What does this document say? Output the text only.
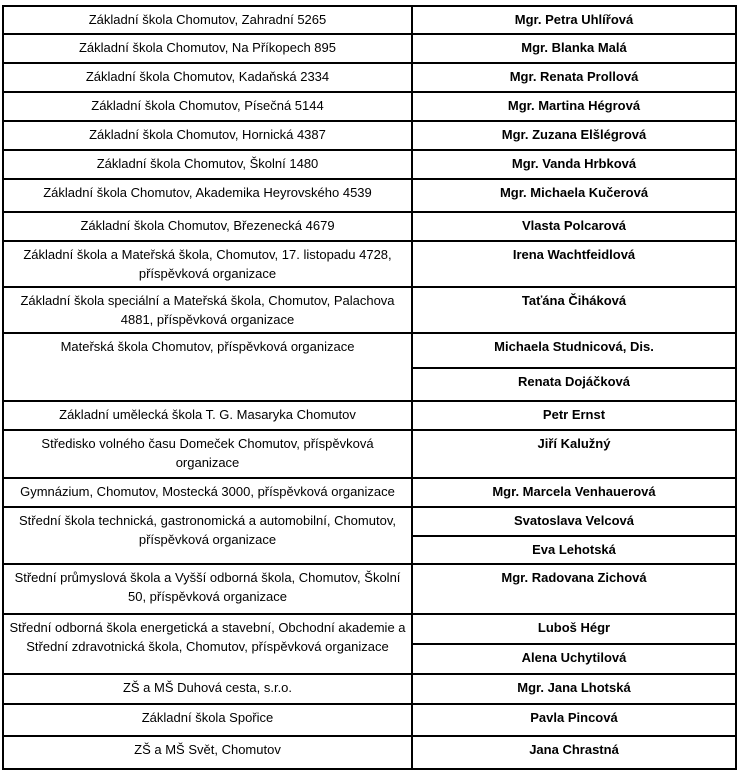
Základní škola Chomutov, Zahradní 5265	Mgr. Petra Uhlířová
Základní škola Chomutov, Na Příkopech 895	Mgr. Blanka Malá
Základní škola Chomutov, Kadaňská 2334	Mgr. Renata Prollová
Základní škola Chomutov, Písečná 5144	Mgr. Martina Hégrová
Základní škola Chomutov, Hornická 4387	Mgr. Zuzana Elšlégrová
Základní škola Chomutov, Školní 1480	Mgr. Vanda Hrbková
Základní škola Chomutov, Akademika Heyrovského 4539	Mgr. Michaela Kučerová
Základní škola Chomutov, Březenecká 4679	Vlasta Polcarová
Základní škola a Mateřská škola, Chomutov, 17. listopadu 4728, příspěvková organizace	Irena Wachtfeidlová
Základní škola speciální a Mateřská škola, Chomutov, Palachova 4881, příspěvková organizace	Taťána Čiháková
Mateřská škola Chomutov, příspěvková organizace	Michaela Studnicová, Dis.
	Renata Dojáčková
Základní umělecká škola T. G. Masaryka Chomutov	Petr Ernst
Středisko volného času Domeček Chomutov, příspěvková organizace	Jiří Kalužný
Gymnázium, Chomutov, Mostecká 3000, příspěvková organizace	Mgr. Marcela Venhauerová
Střední škola technická, gastronomická a automobilní, Chomutov, příspěvková organizace	Svatoslava Velcová
	Eva Lehotská
Střední průmyslová škola a Vyšší odborná škola, Chomutov, Školní 50, příspěvková organizace	Mgr. Radovana Zichová
Střední odborná škola energetická a stavební, Obchodní akademie a Střední zdravotnická škola, Chomutov, příspěvková organizace	Luboš Hégr
	Alena Uchytilová
ZŠ a MŠ Duhová cesta, s.r.o.	Mgr. Jana Lhotská
Základní škola Spořice	Pavla Pincová
ZŠ a MŠ Svět, Chomutov	Jana Chrastná
